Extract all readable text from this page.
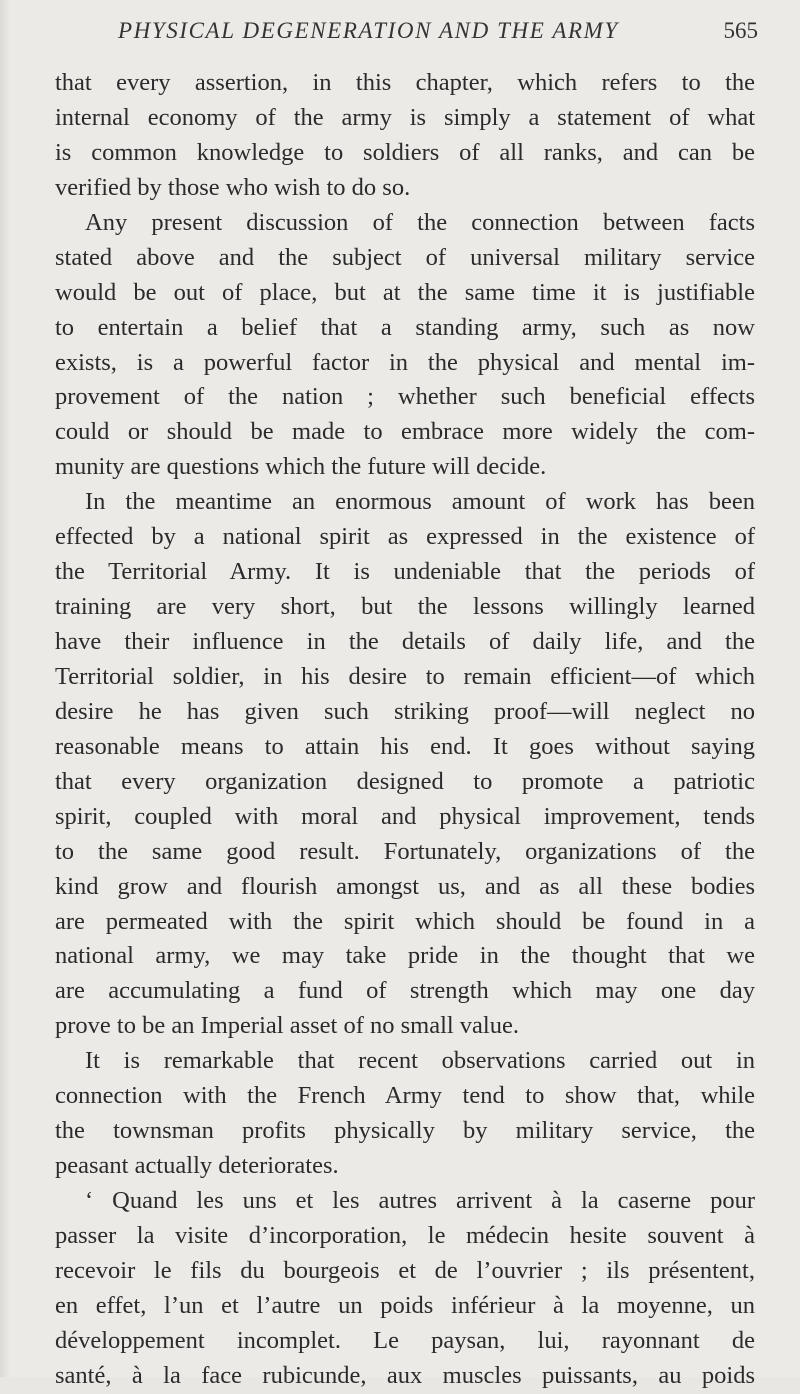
PHYSICAL DEGENERATION AND THE ARMY	565
that every assertion, in this chapter, which refers to the
internal economy of the army is simply a statement of what
is common knowledge to soldiers of all ranks, and can be
verified by those who wish to do so.
Any present discussion of the connection between facts
stated above and the subject of universal military service
would be out of place, but at the same time it is justifiable
to entertain a belief that a standing army, such as now
exists, is a powerful factor in the physical and mental im-
provement of the nation ; whether such beneficial effects
could or should be made to embrace more widely the com-
munity are questions which the future will decide.
In the meantime an enormous amount of work has been
effected by a national spirit as expressed in the existence of
the Territorial Army. It is undeniable that the periods of
training are very short, but the lessons willingly learned
have their influence in the details of daily life, and the
Territorial soldier, in his desire to remain efficient—of which
desire he has given such striking proof—will neglect no
reasonable means to attain his end. It goes without saying
that every organization designed to promote a patriotic
spirit, coupled with moral and physical improvement, tends
to the same good result. Fortunately, organizations of the
kind grow and flourish amongst us, and as all these bodies
are permeated with the spirit which should be found in a
national army, we may take pride in the thought that we
are accumulating a fund of strength which may one day
prove to be an Imperial asset of no small value.
It is remarkable that recent observations carried out in
connection with the French Army tend to show that, while
the townsman profits physically by military service, the
peasant actually deteriorates.
‘ Quand les uns et les autres arrivent à la caserne pour
passer la visite d’incorporation, le médecin hesite souvent à
recevoir le fils du bourgeois et de l’ouvrier ; ils présentent,
en effet, l’un et l’autre un poids inférieur à la moyenne, un
développement incomplet. Le paysan, lui, rayonnant de
santé, à la face rubicunde, aux muscles puissants, au poids
